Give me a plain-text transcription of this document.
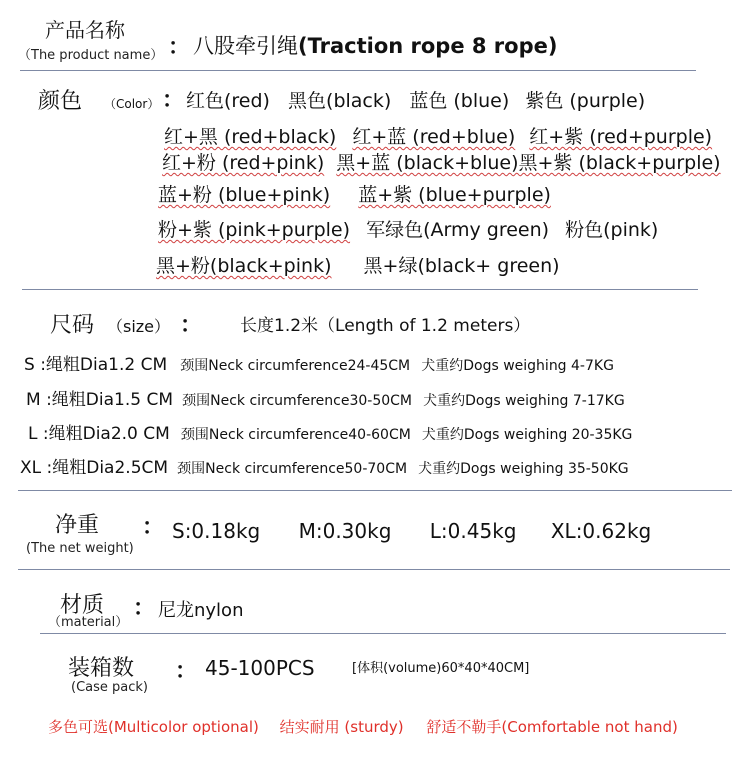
产品名称
（The product name） ： 八股牵引绳(Traction rope 8 rope)
颜色 （Color） ： 红色(red) 黑色(black) 蓝色 (blue) 紫色 (purple)
红+黑 (red+black) 红+蓝 (red+blue) 红+紫 (red+purple)
红+粉 (red+pink) 黑+蓝 (black+blue)黑+紫 (black+purple)
蓝+粉 (blue+pink) 蓝+紫 (blue+purple)
粉+紫 (pink+purple) 军绿色(Army green) 粉色(pink)
黑+粉(black+pink) 黑+绿(black+ green)
尺码 （size） ： 长度1.2米（Length of 1.2 meters）
S :绳粗Dia1.2 CM 颈围Neck circumference24-45CM 犬重约Dogs weighing 4-7KG
M :绳粗Dia1.5 CM 颈围Neck circumference30-50CM 犬重约Dogs weighing 7-17KG
L :绳粗Dia2.0 CM 颈围Neck circumference40-60CM 犬重约Dogs weighing 20-35KG
XL :绳粗Dia2.5CM 颈围Neck circumference50-70CM 犬重约Dogs weighing 35-50KG
净重
(The net weight)
： S:0.18kg M:0.30kg L:0.45kg XL:0.62kg
材质
（material）
： 尼龙nylon
装箱数
(Case pack)
： 45-100PCS	[体积(volume)60*40*40CM]
多色可选(Multicolor optional) 结实耐用 (sturdy) 舒适不勒手(Comfortable not hand)
